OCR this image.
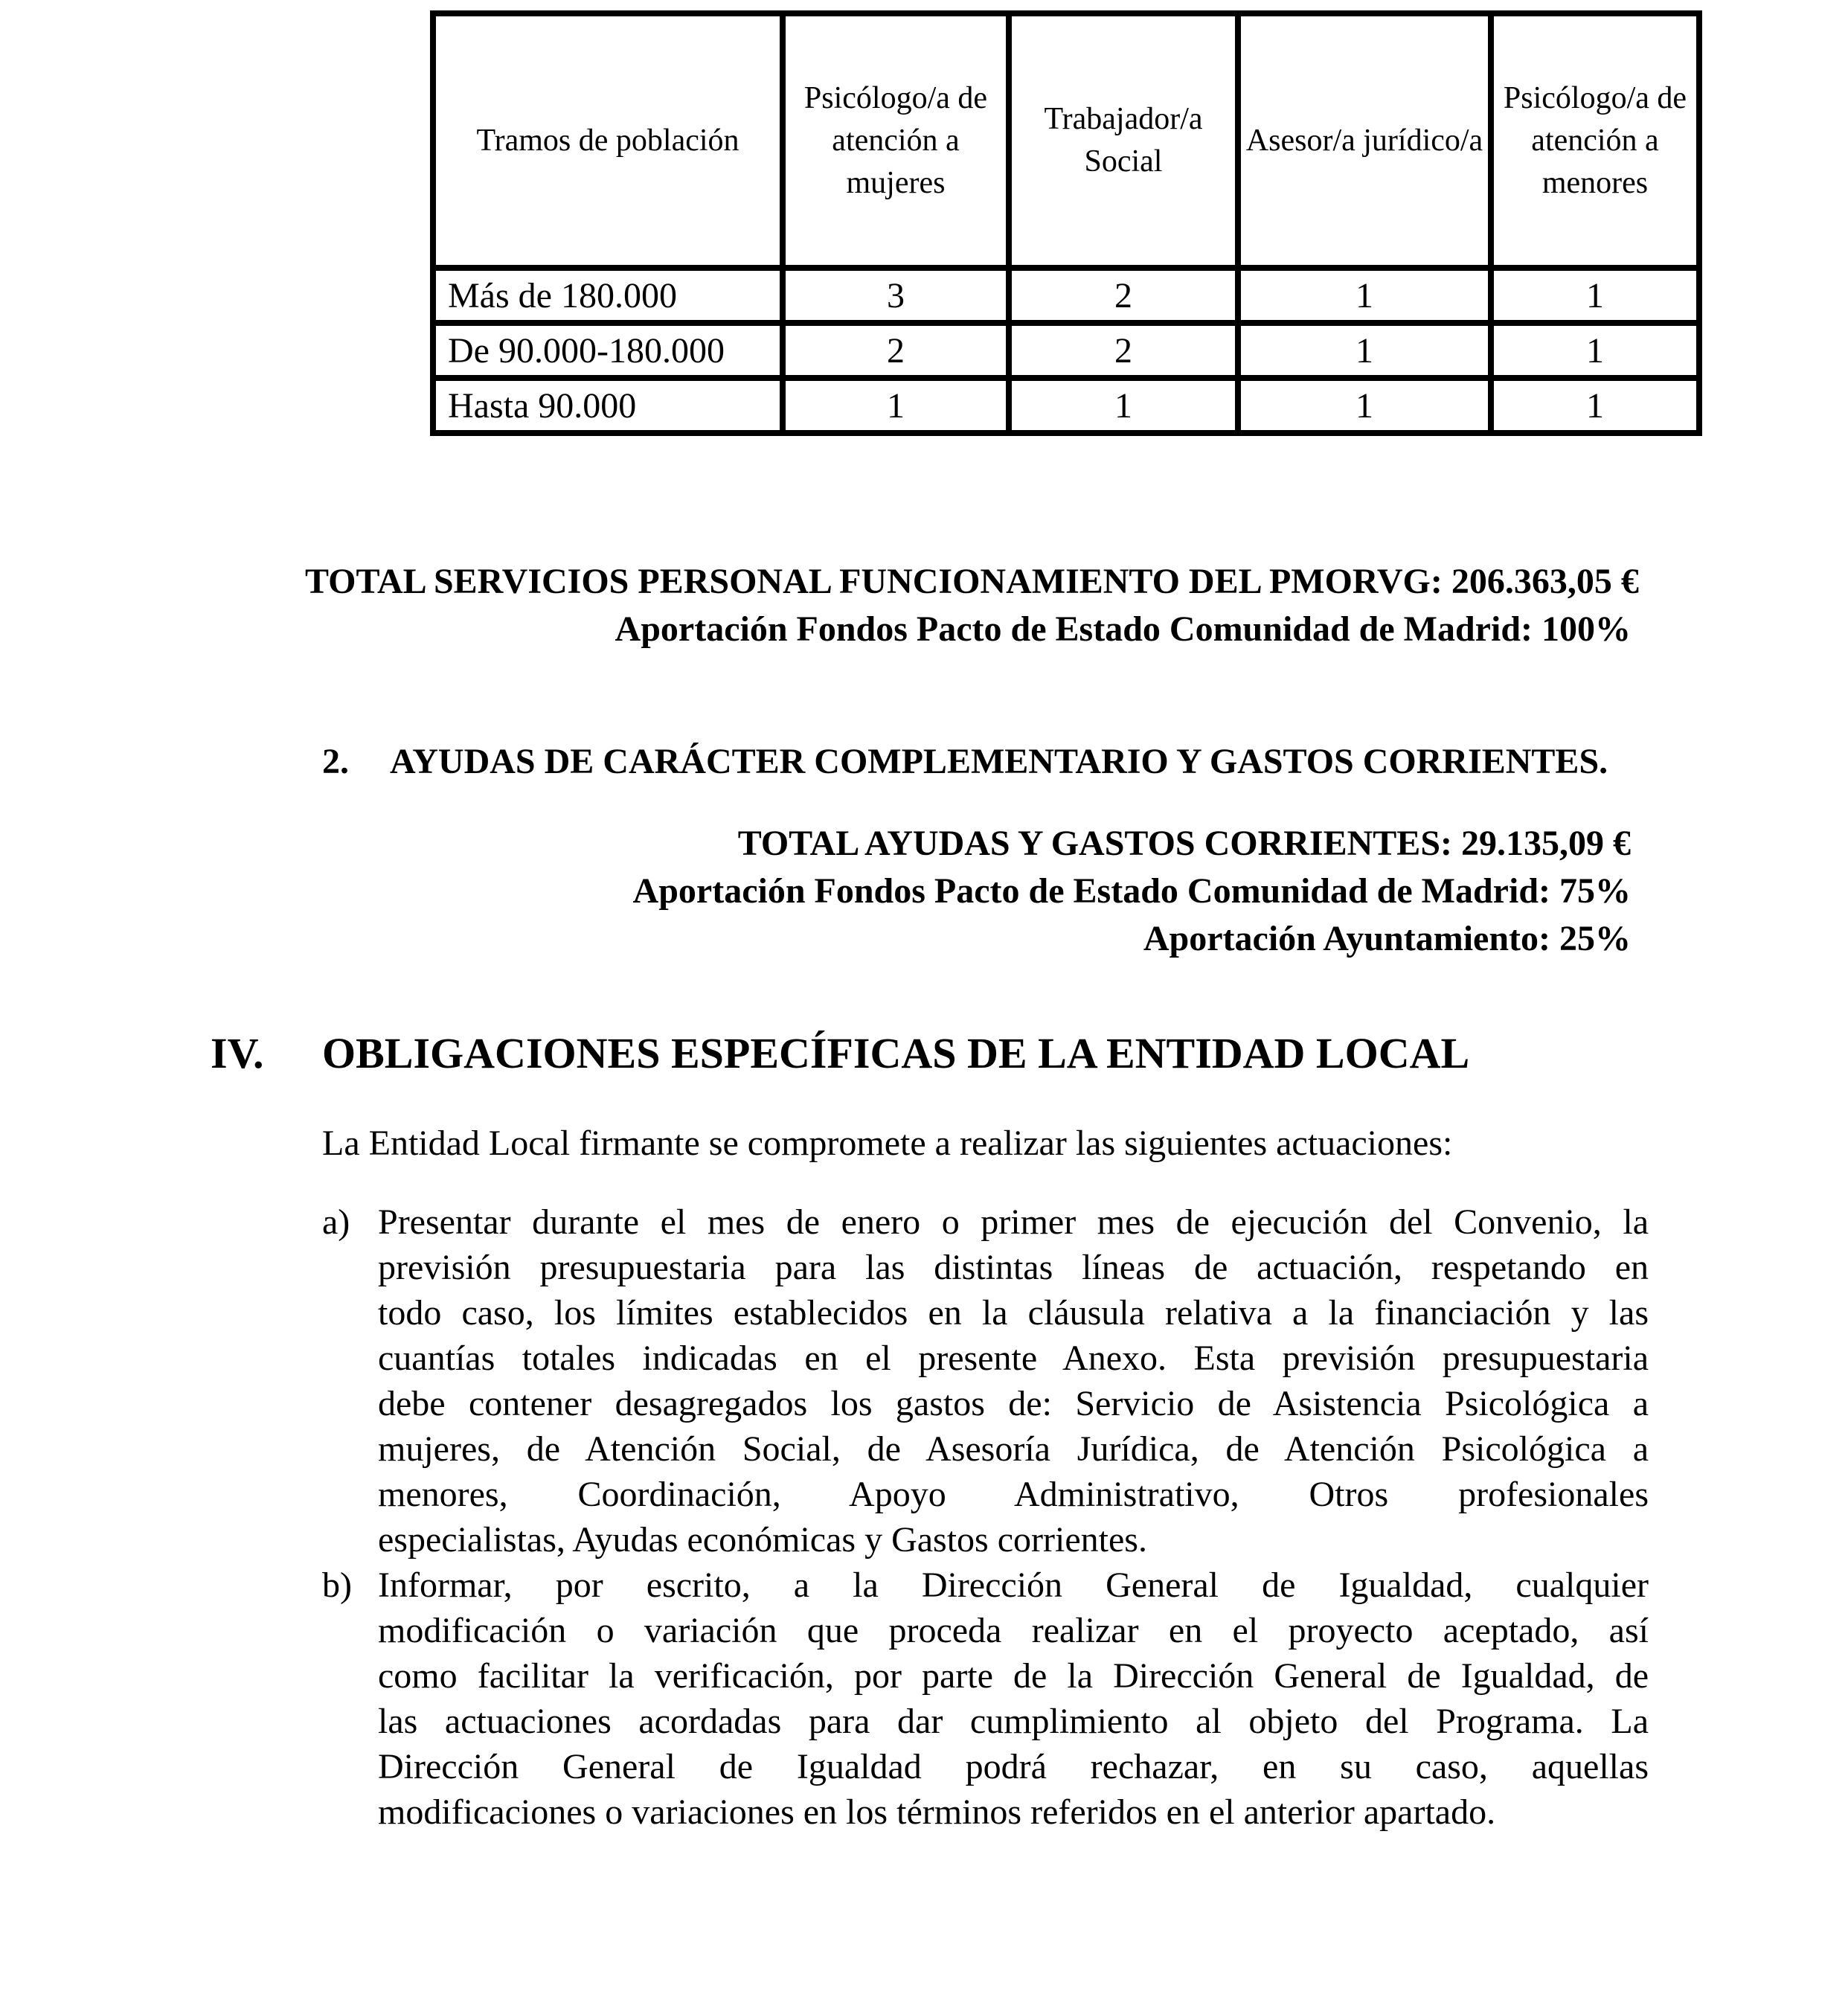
Tramos de población	Psicólogo/a de atención a mujeres	Trabajador/a Social	Asesor/a jurídico/a	Psicólogo/a de atención a menores
Más de 180.000	3	2	1	1
De 90.000-180.000	2	2	1	1
Hasta 90.000	1	1	1	1
TOTAL SERVICIOS PERSONAL FUNCIONAMIENTO DEL PMORVG: 206.363,05 €
Aportación Fondos Pacto de Estado Comunidad de Madrid: 100%
2. AYUDAS DE CARÁCTER COMPLEMENTARIO Y GASTOS CORRIENTES.
TOTAL AYUDAS Y GASTOS CORRIENTES: 29.135,09 €
Aportación Fondos Pacto de Estado Comunidad de Madrid: 75%
Aportación Ayuntamiento: 25%
IV. OBLIGACIONES ESPECÍFICAS DE LA ENTIDAD LOCAL
La Entidad Local firmante se compromete a realizar las siguientes actuaciones:
a) Presentar durante el mes de enero o primer mes de ejecución del Convenio, la
previsión presupuestaria para las distintas líneas de actuación, respetando en
todo caso, los límites establecidos en la cláusula relativa a la financiación y las
cuantías totales indicadas en el presente Anexo. Esta previsión presupuestaria
debe contener desagregados los gastos de: Servicio de Asistencia Psicológica a
mujeres, de Atención Social, de Asesoría Jurídica, de Atención Psicológica a
menores, Coordinación, Apoyo Administrativo, Otros profesionales
especialistas, Ayudas económicas y Gastos corrientes.
b) Informar, por escrito, a la Dirección General de Igualdad, cualquier
modificación o variación que proceda realizar en el proyecto aceptado, así
como facilitar la verificación, por parte de la Dirección General de Igualdad, de
las actuaciones acordadas para dar cumplimiento al objeto del Programa. La
Dirección General de Igualdad podrá rechazar, en su caso, aquellas
modificaciones o variaciones en los términos referidos en el anterior apartado.
